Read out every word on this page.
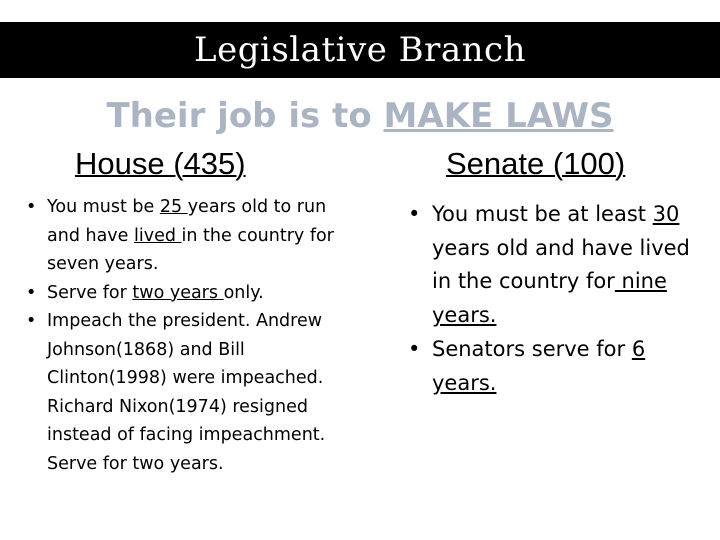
Legislative Branch
Their job is to MAKE LAWS
House (435)	Senate (100)
• You must be 25 years old to run and have lived in the country for seven years.
• Serve for two years only.
• Impeach the president. Andrew Johnson(1868) and Bill Clinton(1998) were impeached. Richard Nixon(1974) resigned instead of facing impeachment. Serve for two years.
• You must be at least 30 years old and have lived in the country for nine years.
• Senators serve for 6 years.
